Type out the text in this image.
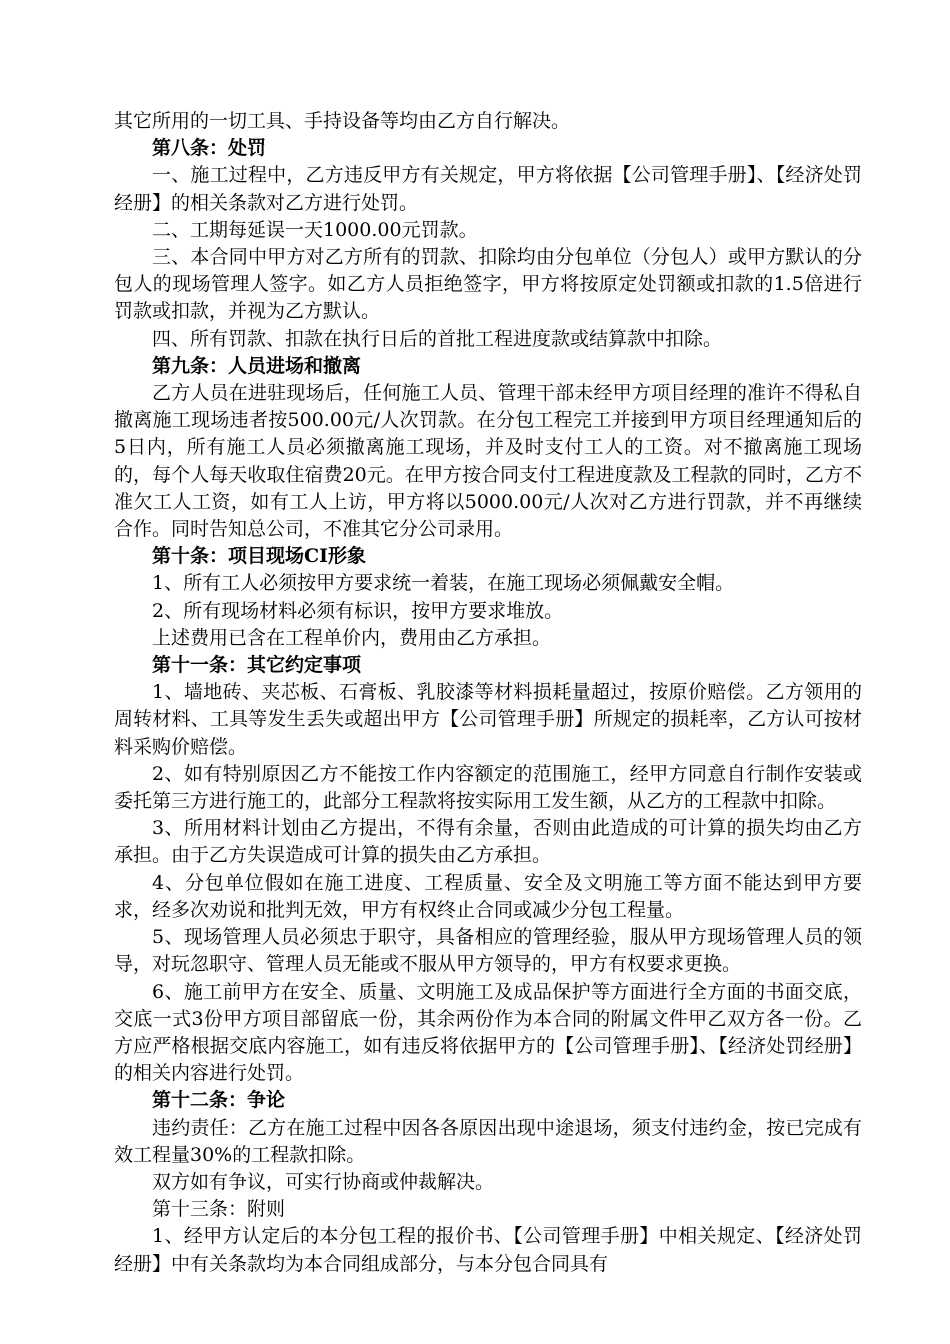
其它所用的一切工具、手持设备等均由乙方自行解决。

第八条：处罚

一、施工过程中，乙方违反甲方有关规定，甲方将依据【公司管理手册】、【经济处罚经册】的相关条款对乙方进行处罚。

二、工期每延误一天1000.00元罚款。

三、本合同中甲方对乙方所有的罚款、扣除均由分包单位（分包人）或甲方默认的分包人的现场管理人签字。如乙方人员拒绝签字，甲方将按原定处罚额或扣款的1.5倍进行罚款或扣款，并视为乙方默认。

四、所有罚款、扣款在执行日后的首批工程进度款或结算款中扣除。

第九条：人员进场和撤离

乙方人员在进驻现场后，任何施工人员、管理干部未经甲方项目经理的准许不得私自撤离施工现场违者按500.00元/人次罚款。在分包工程完工并接到甲方项目经理通知后的5日内，所有施工人员必须撤离施工现场，并及时支付工人的工资。对不撤离施工现场的，每个人每天收取住宿费20元。在甲方按合同支付工程进度款及工程款的同时，乙方不准欠工人工资，如有工人上访，甲方将以5000.00元/人次对乙方进行罚款，并不再继续合作。同时告知总公司，不准其它分公司录用。

第十条：项目现场CI形象

1、所有工人必须按甲方要求统一着装，在施工现场必须佩戴安全帽。

2、所有现场材料必须有标识，按甲方要求堆放。

上述费用已含在工程单价内，费用由乙方承担。

第十一条：其它约定事项

1、墙地砖、夹芯板、石膏板、乳胶漆等材料损耗量超过，按原价赔偿。乙方领用的周转材料、工具等发生丢失或超出甲方【公司管理手册】所规定的损耗率，乙方认可按材料采购价赔偿。

2、如有特别原因乙方不能按工作内容额定的范围施工，经甲方同意自行制作安装或委托第三方进行施工的，此部分工程款将按实际用工发生额，从乙方的工程款中扣除。

3、所用材料计划由乙方提出，不得有余量，否则由此造成的可计算的损失均由乙方承担。由于乙方失误造成可计算的损失由乙方承担。

4、分包单位假如在施工进度、工程质量、安全及文明施工等方面不能达到甲方要求，经多次劝说和批判无效，甲方有权终止合同或减少分包工程量。

5、现场管理人员必须忠于职守，具备相应的管理经验，服从甲方现场管理人员的领导，对玩忽职守、管理人员无能或不服从甲方领导的，甲方有权要求更换。

6、施工前甲方在安全、质量、文明施工及成品保护等方面进行全方面的书面交底，交底一式3份甲方项目部留底一份，其余两份作为本合同的附属文件甲乙双方各一份。乙方应严格根据交底内容施工，如有违反将依据甲方的【公司管理手册】、【经济处罚经册】的相关内容进行处罚。

第十二条：争论

违约责任：乙方在施工过程中因各各原因出现中途退场，须支付违约金，按已完成有效工程量30%的工程款扣除。

双方如有争议，可实行协商或仲裁解决。

第十三条：附则

1、经甲方认定后的本分包工程的报价书、【公司管理手册】中相关规定、【经济处罚经册】中有关条款均为本合同组成部分，与本分包合同具有
